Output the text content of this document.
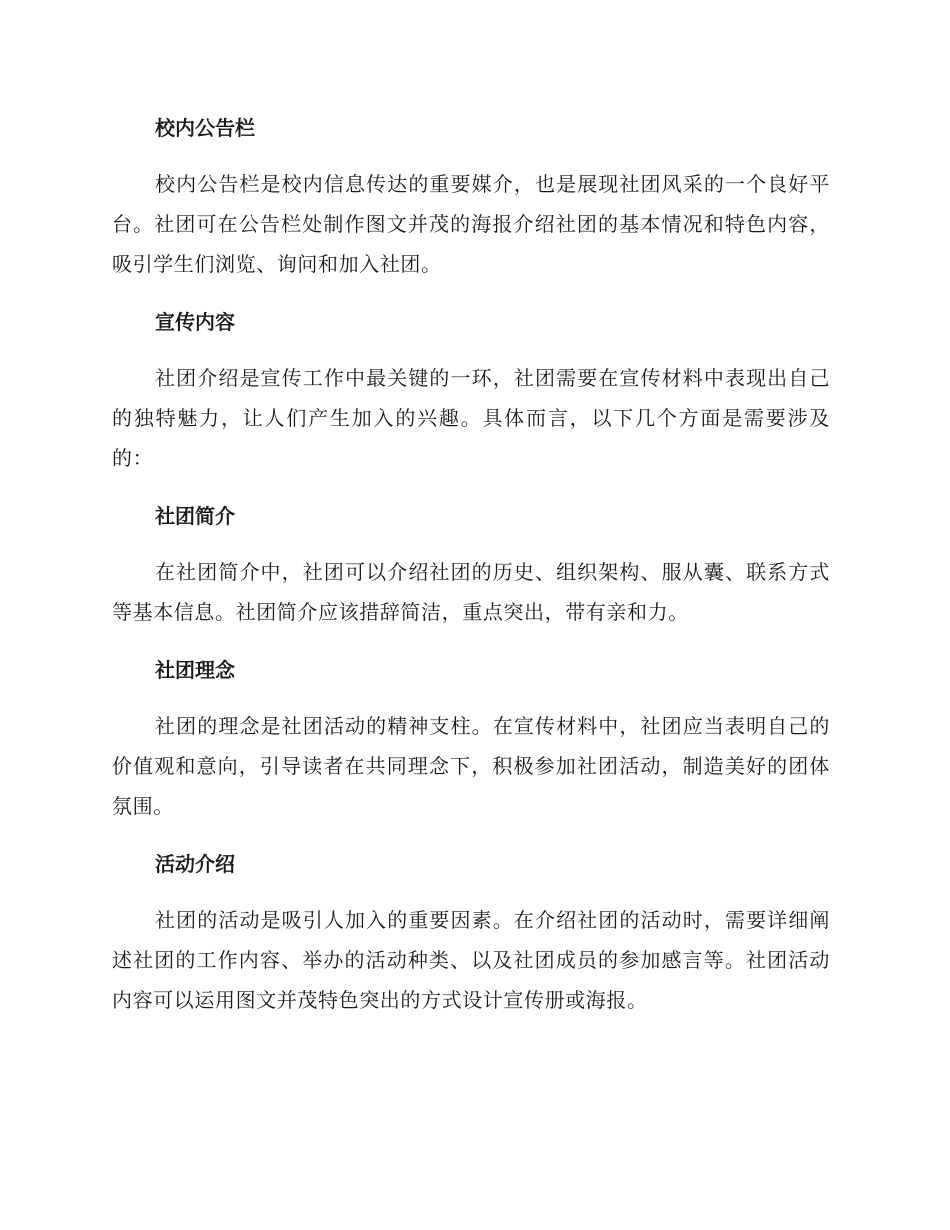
校内公告栏

校内公告栏是校内信息传达的重要媒介，也是展现社团风采的一个良好平台。社团可在公告栏处制作图文并茂的海报介绍社团的基本情况和特色内容，吸引学生们浏览、询问和加入社团。

宣传内容

社团介绍是宣传工作中最关键的一环，社团需要在宣传材料中表现出自己的独特魅力，让人们产生加入的兴趣。具体而言，以下几个方面是需要涉及的：

社团简介

在社团简介中，社团可以介绍社团的历史、组织架构、服从囊、联系方式等基本信息。社团简介应该措辞简洁，重点突出，带有亲和力。

社团理念

社团的理念是社团活动的精神支柱。在宣传材料中，社团应当表明自己的价值观和意向，引导读者在共同理念下，积极参加社团活动，制造美好的团体氛围。

活动介绍

社团的活动是吸引人加入的重要因素。在介绍社团的活动时，需要详细阐述社团的工作内容、举办的活动种类、以及社团成员的参加感言等。社团活动内容可以运用图文并茂特色突出的方式设计宣传册或海报。
